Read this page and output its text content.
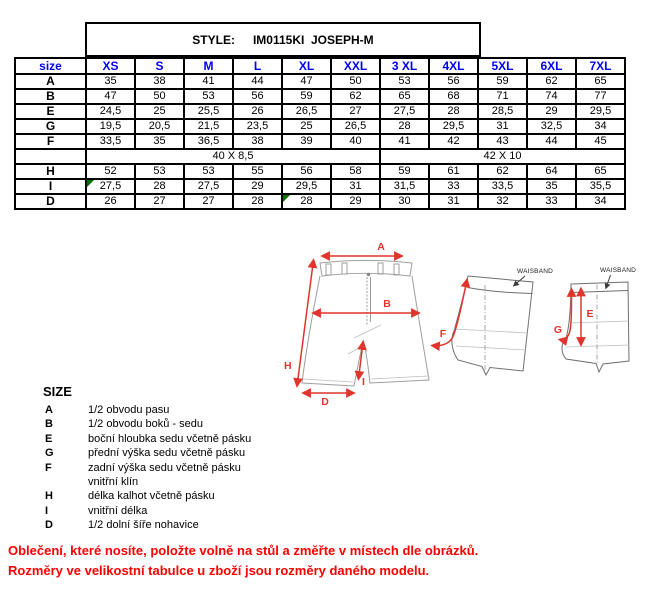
STYLE: IM0115KI  JOSEPH-M
size	XS	S	M	L	XL	XXL	3 XL	4XL	5XL	6XL	7XL
A	35	38	41	44	47	50	53	56	59	62	65
B	47	50	53	56	59	62	65	68	71	74	77
E	24,5	25	25,5	26	26,5	27	27,5	28	28,5	29	29,5
G	19,5	20,5	21,5	23,5	25	26,5	28	29,5	31	32,5	34
F	33,5	35	36,5	38	39	40	41	42	43	44	45
	40 X 8,5						42 X 10				
H	52	53	53	55	56	58	59	61	62	64	65
I	27,5	28	27,5	29	29,5	31	31,5	33	33,5	35	35,5
D	26	27	27	28	28	29	30	31	32	33	34
A
H
B
I
D
F
WAISBAND
E
G
WAISBAND
SIZE
A	1/2 obvodu pasu
B	1/2 obvodu boků - sedu
E	boční hloubka sedu včetně pásku
G	přední výška sedu včetně pásku
F	zadní výška sedu včetně pásku
vnitřní klín
H	délka kalhot včetně pásku
I	vnitřní délka
D	1/2 dolní šíře nohavice
Oblečení, které nosíte, položte volně na stůl a změřte v místech dle obrázků.
Rozměry ve velikostní tabulce u zboží jsou rozměry daného modelu.
